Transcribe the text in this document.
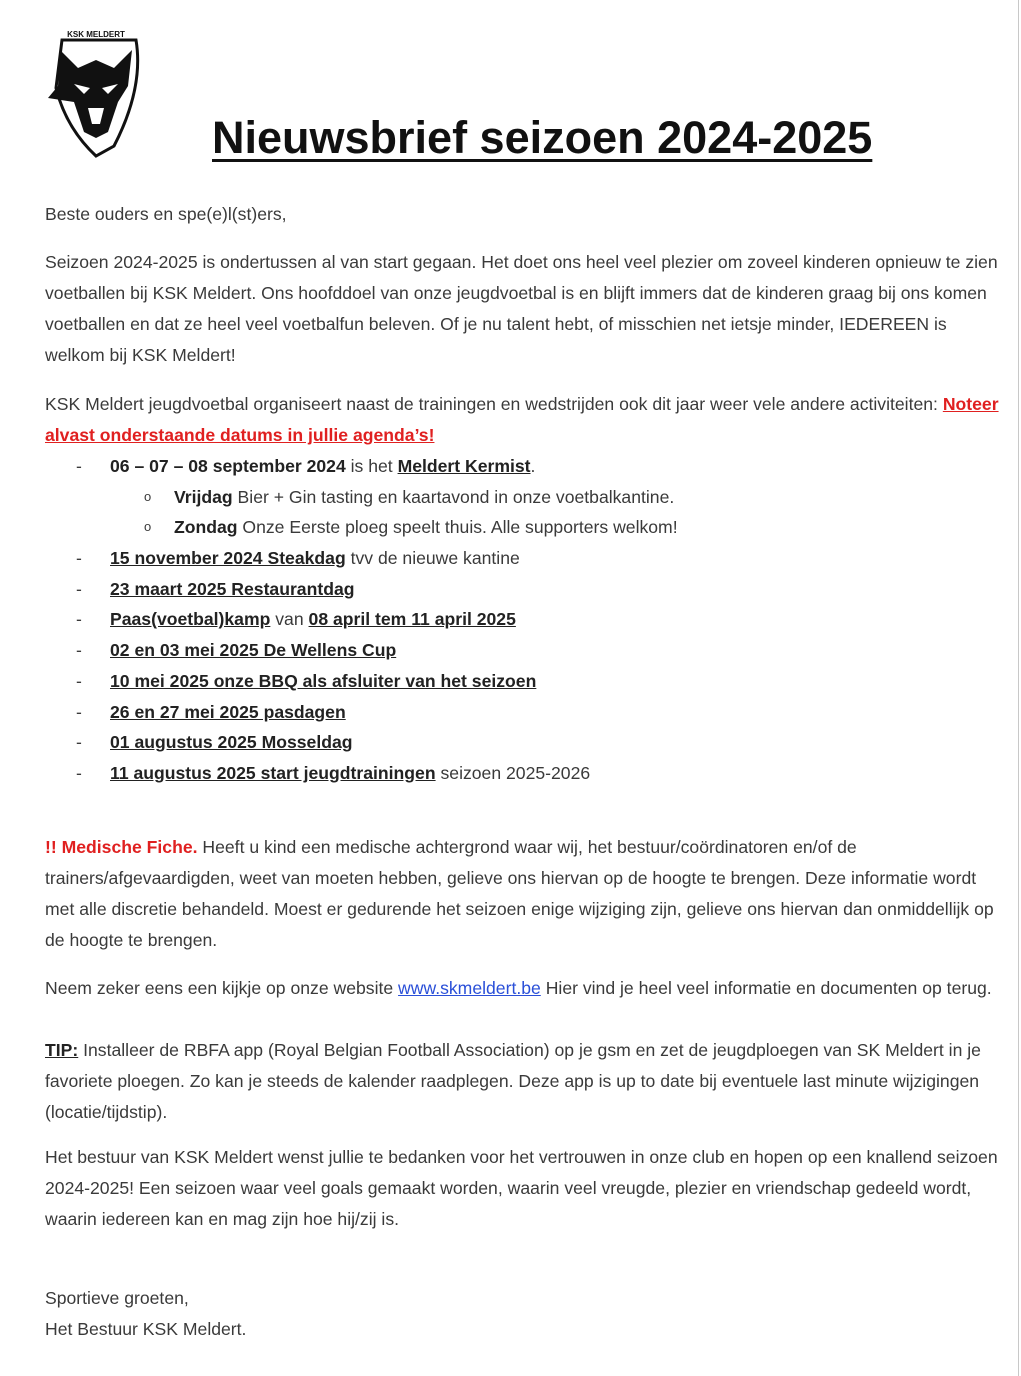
KSK MELDERT
Nieuwsbrief seizoen 2024-2025

Beste ouders en spe(e)l(st)ers,

Seizoen 2024-2025 is ondertussen al van start gegaan. Het doet ons heel veel plezier om zoveel kinderen opnieuw te zien voetballen bij KSK Meldert. Ons hoofddoel van onze jeugdvoetbal is en blijft immers dat de kinderen graag bij ons komen voetballen en dat ze heel veel voetbalfun beleven. Of je nu talent hebt, of misschien net ietsje minder, IEDEREEN is welkom bij KSK Meldert!

KSK Meldert jeugdvoetbal organiseert naast de trainingen en wedstrijden ook dit jaar weer vele andere activiteiten: Noteer alvast onderstaande datums in jullie agenda’s!

- 06 – 07 – 08 september 2024 is het Meldert Kermist.
o Vrijdag Bier + Gin tasting en kaartavond in onze voetbalkantine.
o Zondag Onze Eerste ploeg speelt thuis. Alle supporters welkom!
- 15 november 2024 Steakdag tvv de nieuwe kantine
- 23 maart 2025 Restaurantdag
- Paas(voetbal)kamp van 08 april tem 11 april 2025
- 02 en 03 mei 2025 De Wellens Cup
- 10 mei 2025 onze BBQ als afsluiter van het seizoen
- 26 en 27 mei 2025 pasdagen
- 01 augustus 2025 Mosseldag
- 11 augustus 2025 start jeugdtrainingen seizoen 2025-2026

!! Medische Fiche. Heeft u kind een medische achtergrond waar wij, het bestuur/coördinatoren en/of de trainers/afgevaardigden, weet van moeten hebben, gelieve ons hiervan op de hoogte te brengen. Deze informatie wordt met alle discretie behandeld. Moest er gedurende het seizoen enige wijziging zijn, gelieve ons hiervan dan onmiddellijk op de hoogte te brengen.

Neem zeker eens een kijkje op onze website www.skmeldert.be Hier vind je heel veel informatie en documenten op terug.

TIP: Installeer de RBFA app (Royal Belgian Football Association) op je gsm en zet de jeugdploegen van SK Meldert in je favoriete ploegen. Zo kan je steeds de kalender raadplegen. Deze app is up to date bij eventuele last minute wijzigingen (locatie/tijdstip).

Het bestuur van KSK Meldert wenst jullie te bedanken voor het vertrouwen in onze club en hopen op een knallend seizoen 2024-2025! Een seizoen waar veel goals gemaakt worden, waarin veel vreugde, plezier en vriendschap gedeeld wordt, waarin iedereen kan en mag zijn hoe hij/zij is.

Sportieve groeten,

Het Bestuur KSK Meldert.
